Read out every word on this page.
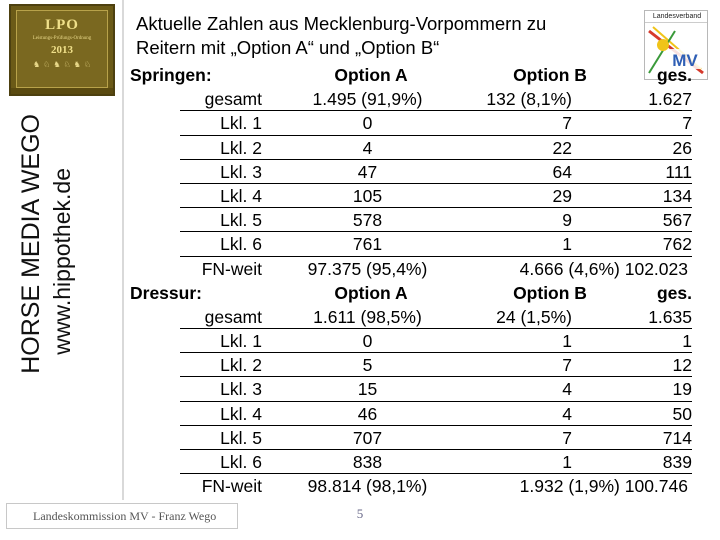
LPO
Leistungs-Prüfungs-Ordnung
2013
♞ ♘ ♞ ♘ ♞ ♘
HORSE MEDIA WEGO www.hippothek.de
Landesverband
MV
Aktuelle Zahlen aus Mecklenburg-Vorpommern zu
Reitern mit „Option A“ und „Option B“
Springen:	Option A	Option B	ges.
gesamt	1.495 (91,9%)	132 (8,1%)	1.627
Lkl. 1	0	7	7
Lkl. 2	4	22	26
Lkl. 3	47	64	111
Lkl. 4	105	29	134
Lkl. 5	578	9	567
Lkl. 6	761	1	762
FN-weit	97.375 (95,4%)	4.666 (4,6%) 102.023
Dressur:	Option A	Option B	ges.
gesamt	1.611 (98,5%)	24 (1,5%)	1.635
Lkl. 1	0	1	1
Lkl. 2	5	7	12
Lkl. 3	15	4	19
Lkl. 4	46	4	50
Lkl. 5	707	7	714
Lkl. 6	838	1	839
FN-weit	98.814 (98,1%)	1.932 (1,9%) 100.746
Landeskommission MV - Franz Wego	5
